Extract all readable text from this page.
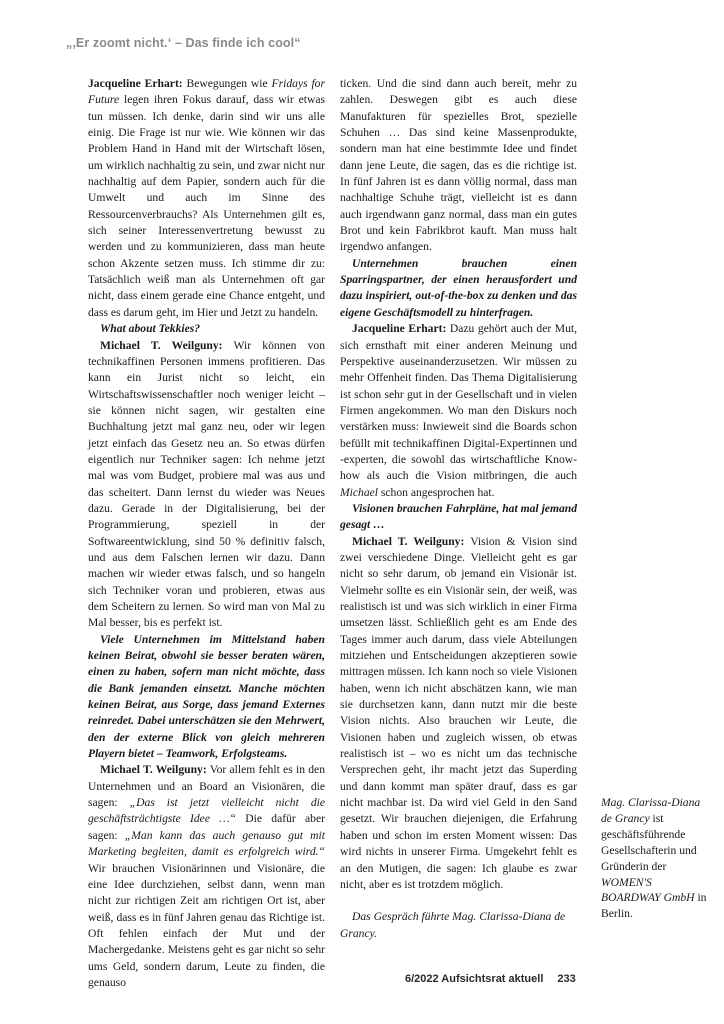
„,Er zoomt nicht.‘ – Das finde ich cool“

Jacqueline Erhart: Bewegungen wie Fridays for Future legen ihren Fokus darauf, dass wir etwas tun müssen. Ich denke, darin sind wir uns alle einig. Die Frage ist nur wie. Wie können wir das Problem Hand in Hand mit der Wirtschaft lösen, um wirklich nachhaltig zu sein, und zwar nicht nur nachhaltig auf dem Papier, sondern auch für die Umwelt und auch im Sinne des Ressourcenverbrauchs? Als Unternehmen gilt es, sich seiner Interessenvertretung bewusst zu werden und zu kommunizieren, dass man heute schon Akzente setzen muss. Ich stimme dir zu: Tatsächlich weiß man als Unternehmen oft gar nicht, dass einem gerade eine Chance entgeht, und dass es darum geht, im Hier und Jetzt zu handeln.

What about Tekkies?

Michael T. Weilguny: Wir können von technikaffinen Personen immens profitieren. Das kann ein Jurist nicht so leicht, ein Wirtschaftswissenschaftler noch weniger leicht – sie können nicht sagen, wir gestalten eine Buchhaltung jetzt mal ganz neu, oder wir legen jetzt einfach das Gesetz neu an. So etwas dürfen eigentlich nur Techniker sagen: Ich nehme jetzt mal was vom Budget, probiere mal was aus und das scheitert. Dann lernst du wieder was Neues dazu. Gerade in der Digitalisierung, bei der Programmierung, speziell in der Softwareentwicklung, sind 50 % definitiv falsch, und aus dem Falschen lernen wir dazu. Dann machen wir wieder etwas falsch, und so hangeln sich Techniker voran und probieren, etwas aus dem Scheitern zu lernen. So wird man von Mal zu Mal besser, bis es perfekt ist.

Viele Unternehmen im Mittelstand haben keinen Beirat, obwohl sie besser beraten wären, einen zu haben, sofern man nicht möchte, dass die Bank jemanden einsetzt. Manche möchten keinen Beirat, aus Sorge, dass jemand Externes reinredet. Dabei unterschätzen sie den Mehrwert, den der externe Blick von gleich mehreren Playern bietet – Teamwork, Erfolgsteams.

Michael T. Weilguny: Vor allem fehlt es in den Unternehmen und an Board an Visionären, die sagen: „Das ist jetzt vielleicht nicht die geschäftsträchtigste Idee …“ Die dafür aber sagen: „Man kann das auch genauso gut mit Marketing begleiten, damit es erfolgreich wird.“ Wir brauchen Visionärinnen und Visionäre, die eine Idee durchziehen, selbst dann, wenn man nicht zur richtigen Zeit am richtigen Ort ist, aber weiß, dass es in fünf Jahren genau das Richtige ist. Oft fehlen einfach der Mut und der Machergedanke. Meistens geht es gar nicht so sehr ums Geld, sondern darum, Leute zu finden, die genauso

ticken. Und die sind dann auch bereit, mehr zu zahlen. Deswegen gibt es auch diese Manufakturen für spezielles Brot, spezielle Schuhen … Das sind keine Massenprodukte, sondern man hat eine bestimmte Idee und findet dann jene Leute, die sagen, das es die richtige ist. In fünf Jahren ist es dann völlig normal, dass man nachhaltige Schuhe trägt, vielleicht ist es dann auch irgendwann ganz normal, dass man ein gutes Brot und kein Fabrikbrot kauft. Man muss halt irgendwo anfangen.

Unternehmen brauchen einen Sparringspartner, der einen herausfordert und dazu inspiriert, out-of-the-box zu denken und das eigene Geschäftsmodell zu hinterfragen.

Jacqueline Erhart: Dazu gehört auch der Mut, sich ernsthaft mit einer anderen Meinung und Perspektive auseinanderzusetzen. Wir müssen zu mehr Offenheit finden. Das Thema Digitalisierung ist schon sehr gut in der Gesellschaft und in vielen Firmen angekommen. Wo man den Diskurs noch verstärken muss: Inwieweit sind die Boards schon befüllt mit technikaffinen Digital-Expertinnen und -experten, die sowohl das wirtschaftliche Know-how als auch die Vision mitbringen, die auch Michael schon angesprochen hat.

Visionen brauchen Fahrpläne, hat mal jemand gesagt …

Michael T. Weilguny: Vision & Vision sind zwei verschiedene Dinge. Vielleicht geht es gar nicht so sehr darum, ob jemand ein Visionär ist. Vielmehr sollte es ein Visionär sein, der weiß, was realistisch ist und was sich wirklich in einer Firma umsetzen lässt. Schließlich geht es am Ende des Tages immer auch darum, dass viele Abteilungen mitziehen und Entscheidungen akzeptieren sowie mittragen müssen. Ich kann noch so viele Visionen haben, wenn ich nicht abschätzen kann, wie man sie durchsetzen kann, dann nutzt mir die beste Vision nichts. Also brauchen wir Leute, die Visionen haben und zugleich wissen, ob etwas realistisch ist – wo es nicht um das technische Versprechen geht, ihr macht jetzt das Superding und dann kommt man später drauf, dass es gar nicht machbar ist. Da wird viel Geld in den Sand gesetzt. Wir brauchen diejenigen, die Erfahrung haben und schon im ersten Moment wissen: Das wird nichts in unserer Firma. Umgekehrt fehlt es an den Mutigen, die sagen: Ich glaube es zwar nicht, aber es ist trotzdem möglich.

Das Gespräch führte Mag. Clarissa-Diana de Grancy.

Mag. Clarissa-Diana de Grancy ist geschäftsführende Gesellschafterin und Gründerin der WOMEN'S BOARDWAY GmbH in Berlin.
6/2022 Aufsichtsrat aktuell 233
